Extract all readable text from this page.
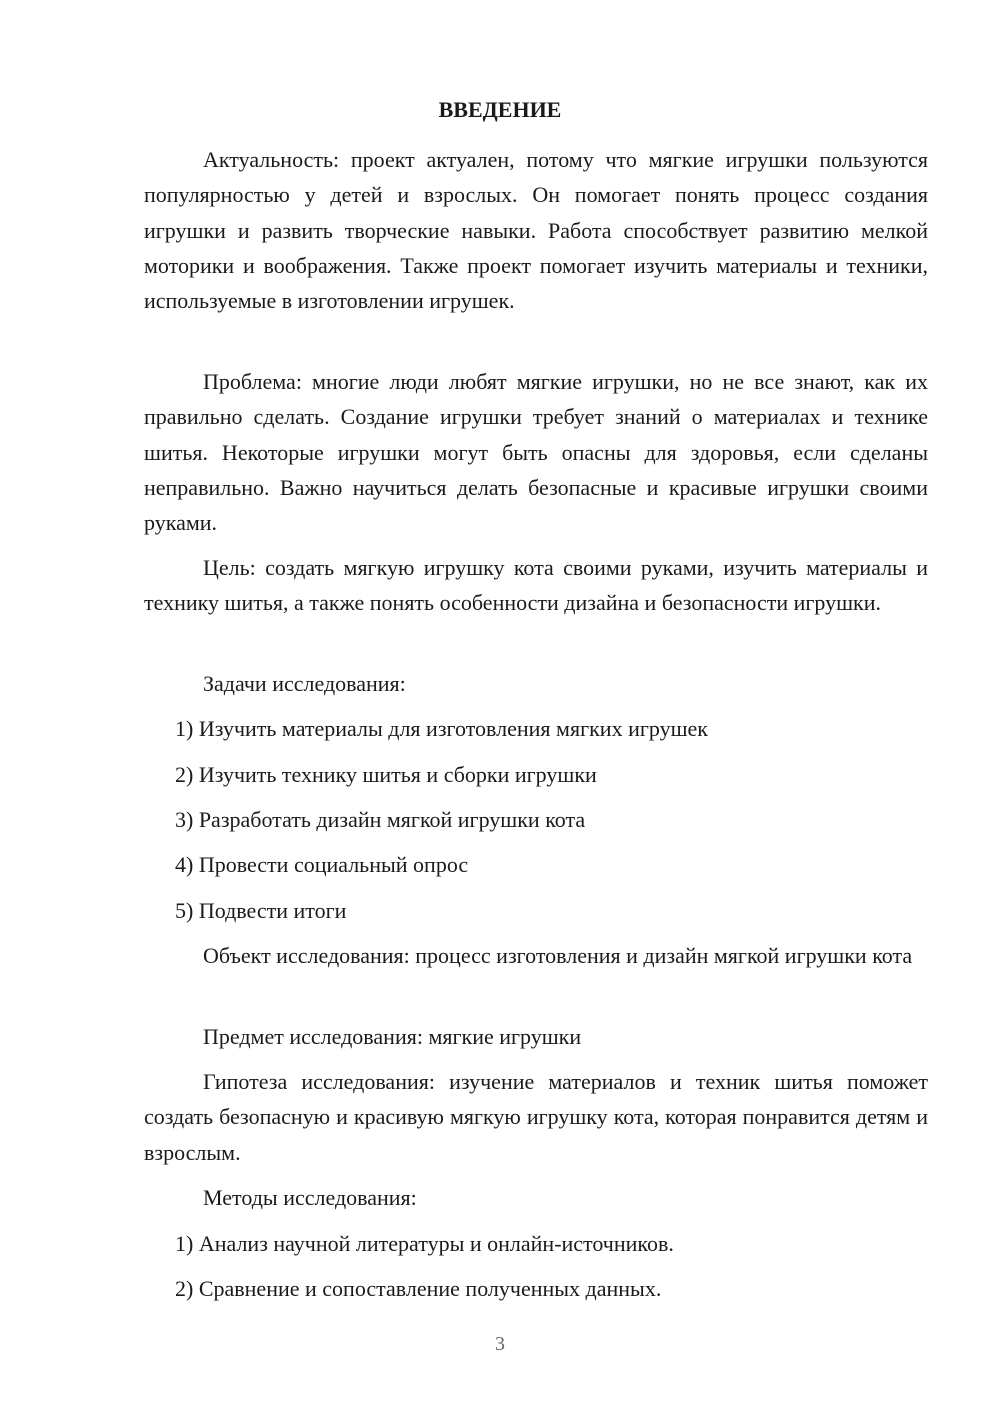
ВВЕДЕНИЕ

Актуальность: проект актуален, потому что мягкие игрушки пользуются популярностью у детей и взрослых. Он помогает понять процесс создания игрушки и развить творческие навыки. Работа способствует развитию мелкой моторики и воображения. Также проект помогает изучить материалы и техники, используемые в изготовлении игрушек.

Проблема: многие люди любят мягкие игрушки, но не все знают, как их правильно сделать. Создание игрушки требует знаний о материалах и технике шитья. Некоторые игрушки могут быть опасны для здоровья, если сделаны неправильно. Важно научиться делать безопасные и красивые игрушки своими руками.

Цель: создать мягкую игрушку кота своими руками, изучить материалы и технику шитья, а также понять особенности дизайна и безопасности игрушки.

Задачи исследования:

1) Изучить материалы для изготовления мягких игрушек

2) Изучить технику шитья и сборки игрушки

3) Разработать дизайн мягкой игрушки кота

4) Провести социальный опрос

5) Подвести итоги

Объект исследования: процесс изготовления и дизайн мягкой игрушки кота

Предмет исследования: мягкие игрушки

Гипотеза исследования: изучение материалов и техник шитья поможет создать безопасную и красивую мягкую игрушку кота, которая понравится детям и взрослым.

Методы исследования:

1) Анализ научной литературы и онлайн-источников.

2) Сравнение и сопоставление полученных данных.

3
